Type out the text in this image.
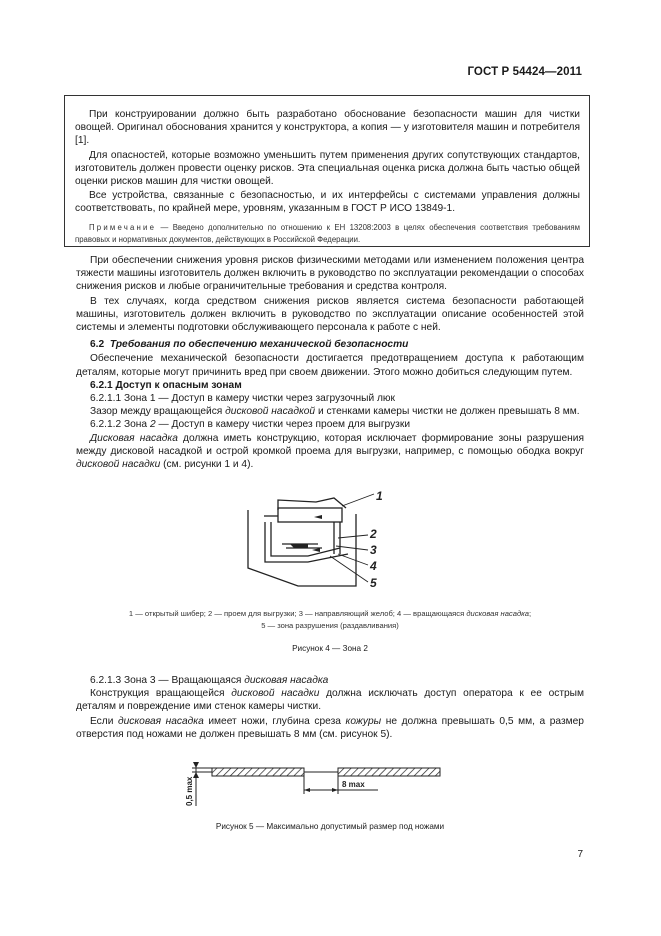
ГОСТ Р 54424—2011

При конструировании должно быть разработано обоснование безопасности машин для чистки овощей. Оригинал обоснования хранится у конструктора, а копия — у изготовителя машин и потребителя [1].

Для опасностей, которые возможно уменьшить путем применения других сопутствующих стандартов, изготовитель должен провести оценку рисков. Эта специальная оценка риска должна быть частью общей оценки рисков машин для чистки овощей.

Все устройства, связанные с безопасностью, и их интерфейсы с системами управления должны соответствовать, по крайней мере, уровням, указанным в ГОСТ Р ИСО 13849-1.

Примечание — Введено дополнительно по отношению к ЕН 13208:2003 в целях обеспечения соответствия требованиям правовых и нормативных документов, действующих в Российской Федерации.

При обеспечении снижения уровня рисков физическими методами или изменением положения центра тяжести машины изготовитель должен включить в руководство по эксплуатации рекомендации о способах снижения рисков и любые ограничительные требования и средства контроля.

В тех случаях, когда средством снижения рисков является система безопасности работающей машины, изготовитель должен включить в руководство по эксплуатации описание особенностей этой системы и элементы подготовки обслуживающего персонала к работе с ней.

6.2 Требования по обеспечению механической безопасности

Обеспечение механической безопасности достигается предотвращением доступа к работающим деталям, которые могут причинить вред при своем движении. Этого можно добиться следующим путем.

6.2.1 Доступ к опасным зонам

6.2.1.1 Зона 1 — Доступ в камеру чистки через загрузочный люк

Зазор между вращающейся дисковой насадкой и стенками камеры чистки не должен превышать 8 мм.

6.2.1.2 Зона 2 — Доступ в камеру чистки через проем для выгрузки

Дисковая насадка должна иметь конструкцию, которая исключает формирование зоны разрушения между дисковой насадкой и острой кромкой проема для выгрузки, например, с помощью ободка вокруг дисковой насадки (см. рисунки 1 и 4).

1
2
3
4
5
1 — открытый шибер; 2 — проем для выгрузки; 3 — направляющий желоб; 4 — вращающаяся дисковая насадка;
5 — зона разрушения (раздавливания)
Рисунок 4 — Зона 2

6.2.1.3 Зона 3 — Вращающаяся дисковая насадка

Конструкция вращающейся дисковой насадки должна исключать доступ оператора к ее острым деталям и повреждение ими стенок камеры чистки.

Если дисковая насадка имеет ножи, глубина среза кожуры не должна превышать 0,5 мм, а размер отверстия под ножами не должен превышать 8 мм (см. рисунок 5).

0,5 max	8 max
Рисунок 5 — Максимально допустимый размер под ножами
7
